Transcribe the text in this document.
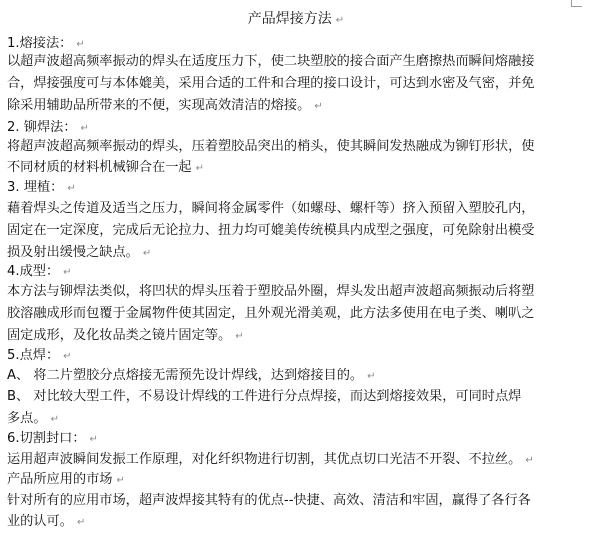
产品焊接方法 ↵
1.熔接法： ↵
以超声波超高频率振动的焊头在适度压力下，使二块塑胶的接合面产生磨擦热而瞬间熔融接
合，焊接强度可与本体媲美，采用合适的工件和合理的接口设计，可达到水密及气密，并免
除采用辅助品所带来的不便，实现高效清洁的熔接。 ↵
2. 铆焊法： ↵
将超声波超高频率振动的焊头，压着塑胶品突出的梢头，使其瞬间发热融成为铆钉形状，使
不同材质的材料机械铆合在一起 ↵
3. 埋植： ↵
藉着焊头之传道及适当之压力，瞬间将金属零件（如螺母、螺杆等）挤入预留入塑胶孔内，
固定在一定深度，完成后无论拉力、扭力均可媲美传统模具内成型之强度，可免除射出模受
损及射出缓慢之缺点。 ↵
4.成型： ↵
本方法与铆焊法类似，将凹状的焊头压着于塑胶品外圈，焊头发出超声波超高频振动后将塑
胶溶融成形而包覆于金属物件使其固定，且外观光滑美观，此方法多使用在电子类、喇叭之
固定成形，及化妆品类之镜片固定等。 ↵
5.点焊： ↵
A、 将二片塑胶分点熔接无需预先设计焊线，达到熔接目的。 ↵
B、 对比较大型工件，不易设计焊线的工件进行分点焊接，而达到熔接效果，可同时点焊
多点。 ↵
6.切割封口： ↵
运用超声波瞬间发振工作原理，对化纤织物进行切割，其优点切口光洁不开裂、不拉丝。 ↵
产品所应用的市场 ↵
针对所有的应用市场，超声波焊接其特有的优点--快捷、高效、清洁和牢固，赢得了各行各
业的认可。 ↵
